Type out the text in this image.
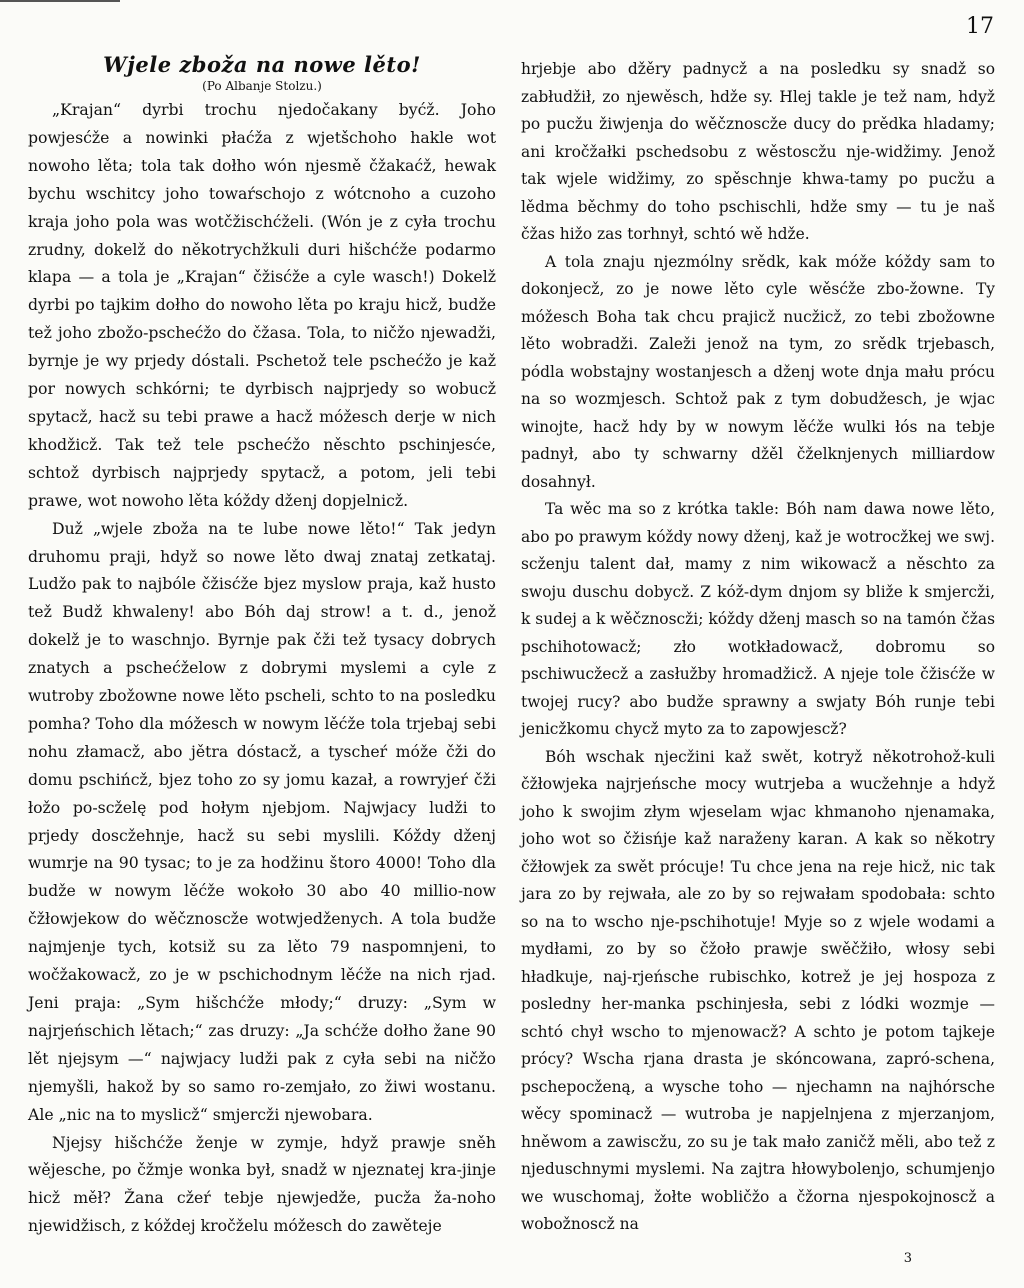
17
Wjele zboža na nowe lěto!
(Po Albanje Stolzu.)

„Krajan“ dyrbi trochu njedočakany byćž. Joho powjesćže a nowinki płaćža z wjetšchoho hakle wot nowoho lěta; tola tak dołho wón njesmě čžakaćž, hewak bychu wschitcy joho towaŕschojo z wótcnoho a cuzoho kraja joho pola was wotčžischćželi. (Wón je z cyła trochu zrudny, dokelž do někotrychžkuli duri hišchćže podarmo klapa — a tola je „Krajan“ čžisćže a cyle wasch!) Dokelž dyrbi po tajkim dołho do nowoho lěta po kraju hicž, budže tež joho zbožo-pschećžo do čžasa. Tola, to ničžo njewadži, byrnje je wy prjedy dóstali. Pschetož tele pschećžo je kaž por nowych schkórni; te dyrbisch najprjedy so wobucž spytacž, hacž su tebi prawe a hacž móžesch derje w nich khodžicž. Tak tež tele pschećžo něschto pschinjesće, schtož dyrbisch najprjedy spytacž, a potom, jeli tebi prawe, wot nowoho lěta kóždy dženj dopjelnicž.

Duž „wjele zboža na te lube nowe lěto!“ Tak jedyn druhomu praji, hdyž so nowe lěto dwaj znataj zetkataj. Ludžo pak to najbóle čžisćže bjez myslow praja, kaž husto tež Budž khwaleny! abo Bóh daj strow! a t. d., jenož dokelž je to waschnjo. Byrnje pak čži tež tysacy dobrych znatych a pschećželow z dobrymi myslemi a cyle z wutroby zbožowne nowe lěto pscheli, schto to na posledku pomha? Toho dla móžesch w nowym lěćže tola trjebaj sebi nohu złamacž, abo jětra dóstacž, a tyscheŕ móže čži do domu pschińcž, bjez toho zo sy jomu kazał, a rowryjeŕ čži łožo po-scželę pod hołym njebjom. Najwjacy ludži to prjedy doscžehnje, hacž su sebi myslili. Kóždy dženj wumrje na 90 tysac; to je za hodžinu štoro 4000! Toho dla budže w nowym lěćže wokoło 30 abo 40 millio-now čžłowjekow do wěčznoscže wotwjedženych. A tola budže najmjenje tych, kotsiž su za lěto 79 naspomnjeni, to wočžakowacž, zo je w pschichodnym lěćže na nich rjad. Jeni praja: „Sym hišchćže młody;“ druzy: „Sym w najrjeńschich lětach;“ zas druzy: „Ja schćže dołho žane 90 lět njejsym —“ najwjacy ludži pak z cyła sebi na ničžo njemyšli, hakož by so samo ro-zemjało, zo žiwi wostanu. Ale „nic na to myslicž“ smjercži njewobara.

Njejsy hišchćže ženje w zymje, hdyž prawje sněh wějesche, po čžmje wonka był, snadž w njeznatej kra-jinje hicž měł? Žana cžeŕ tebje njewjedže, pucža ža-noho njewidžisch, z kóždej kročželu móžesch do zawěteje

hrjebje abo džěry padnycž a na posledku sy snadž so zabłudžił, zo njewěsch, hdže sy. Hlej takle je tež nam, hdyž po pucžu žiwjenja do wěčznoscže ducy do prědka hladamy; ani kročžałki pschedsobu z wěstoscžu nje-widžimy. Jenož tak wjele widžimy, zo spěschnje khwa-tamy po pucžu a lědma běchmy do toho pschischli, hdže smy — tu je naš čžas hižo zas torhnył, schtó wě hdže.

A tola znaju njezmólny srědk, kak móže kóždy sam to dokonjecž, zo je nowe lěto cyle wěsćže zbo-žowne. Ty móžesch Boha tak chcu prajicž nucžicž, zo tebi zbožowne lěto wobradži. Zaleži jenož na tym, zo srědk trjebasch, pódla wobstajny wostanjesch a dženj wote dnja mału prócu na so wozmjesch. Schtož pak z tym dobudžesch, je wjac winojte, hacž hdy by w nowym lěćže wulki łós na tebje padnył, abo ty schwarny džěl čželknjenych milliardow dosahnył.

Ta wěc ma so z krótka takle: Bóh nam dawa nowe lěto, abo po prawym kóždy nowy dženj, kaž je wotrocžkej we swj. scženju talent dał, mamy z nim wikowacž a něschto za swoju duschu dobycž. Z kóž-dym dnjom sy bliže k smjercži, k sudej a k wěčznoscži; kóždy dženj masch so na tamón čžas pschihotowacž; zło wotkładowacž, dobromu so pschiwucžecž a zasłužby hromadžicž. A njeje tole čžisćže w twojej rucy? abo budže sprawny a swjaty Bóh runje tebi jenicžkomu chycž myto za to zapowjescž?

Bóh wschak njecžini kaž swět, kotryž někotrohož-kuli čžłowjeka najrjeńsche mocy wutrjeba a wucžehnje a hdyž joho k swojim złym wjeselam wjac khmanoho njenamaka, joho wot so čžisńje kaž naraženy karan. A kak so někotry čžłowjek za swět prócuje! Tu chce jena na reje hicž, nic tak jara zo by rejwała, ale zo by so rejwałam spodobała: schto so na to wscho nje-pschihotuje! Myje so z wjele wodami a mydłami, zo by so čžoło prawje swěčžiło, włosy sebi hładkuje, naj-rjeńsche rubischko, kotrež je jej hospoza z posledny her-manka pschinjesła, sebi z lódki wozmje — schtó chył wscho to mjenowacž? A schto je potom tajkeje prócy? Wscha rjana drasta je skóncowana, zapró-schena, pschepocženą, a wysche toho — njechamn na najhórsche wěcy spominacž — wutroba je napjelnjena z mjerzanjom, hněwom a zawiscžu, zo su je tak mało zaničž měli, abo tež z njeduschnymi myslemi. Na zajtra hłowybolenjo, schumjenjo we wuschomaj, žołte wobličžo a čžorna njespokojnoscž a wobožnoscž na

3
